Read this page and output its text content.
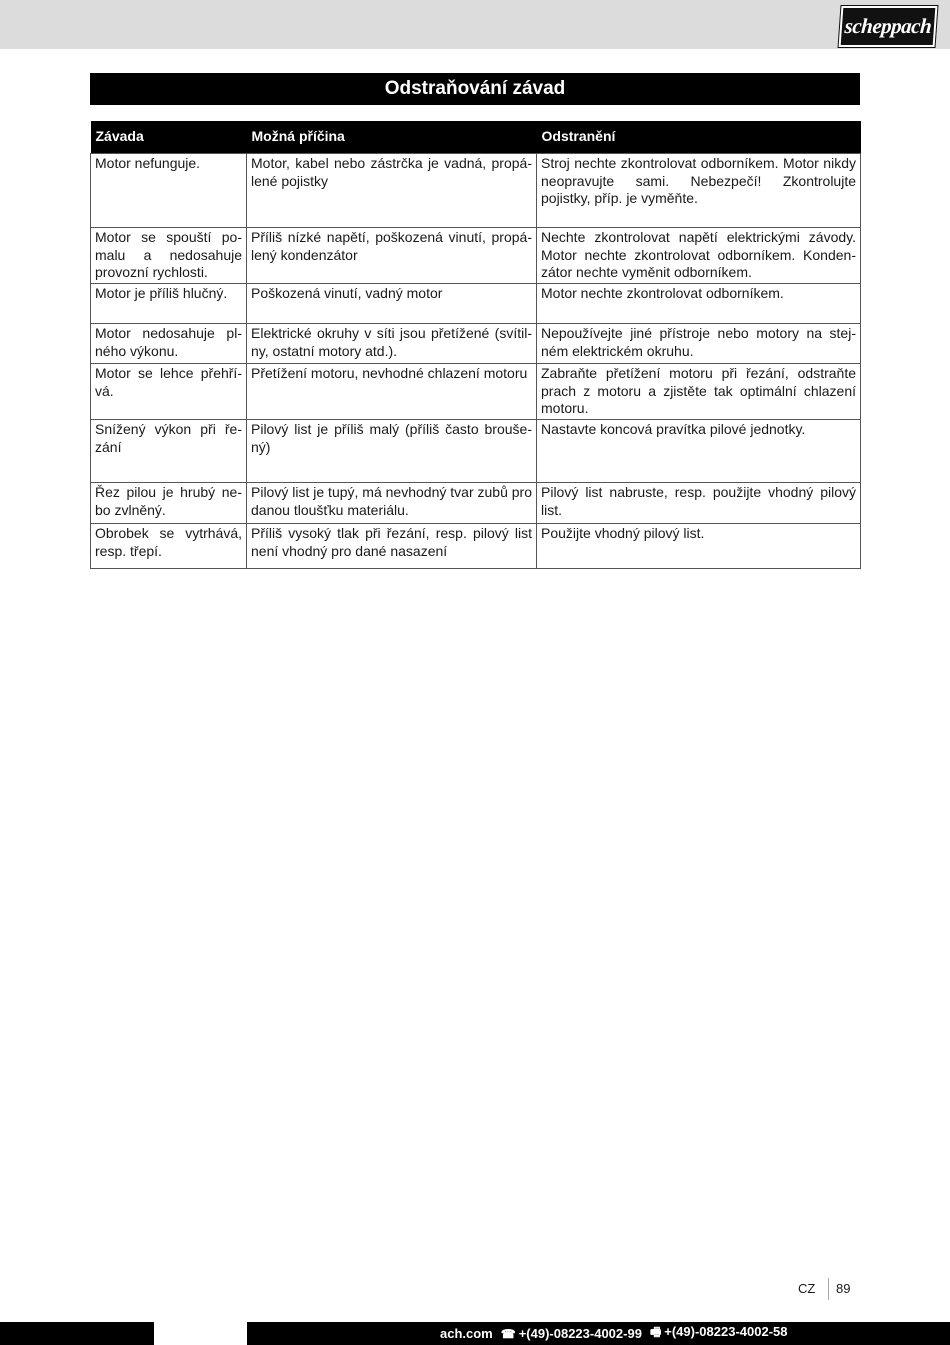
scheppach
Odstraňování závad
Závada	Možná příčina	Odstranění
Motor nefunguje.	Motor, kabel nebo zástrčka je vadná, propálené pojistky	Stroj nechte zkontrolovat odborníkem. Motor nikdy neopravujte sami. Nebezpečí! Zkontrolujte pojistky, příp. je vyměňte.
Motor se spouští pomalu a nedosahuje provozní rychlosti.	Příliš nízké napětí, poškozená vinutí, propálený kondenzátor	Nechte zkontrolovat napětí elektrickými závody. Motor nechte zkontrolovat odborníkem. Kondenzátor nechte vyměnit odborníkem.
Motor je příliš hlučný.	Poškozená vinutí, vadný motor	Motor nechte zkontrolovat odborníkem.
Motor nedosahuje plného výkonu.	Elektrické okruhy v síti jsou přetížené (svítilny, ostatní motory atd.).	Nepoužívejte jiné přístroje nebo motory na stejném elektrickém okruhu.
Motor se lehce přehřívá.	Přetížení motoru, nevhodné chlazení motoru	Zabraňte přetížení motoru při řezání, odstraňte prach z motoru a zjistěte tak optimální chlazení motoru.
Snížený výkon při řezání	Pilový list je příliš malý (příliš často broušený)	Nastavte koncová pravítka pilové jednotky.
Řez pilou je hrubý nebo zvlněný.	Pilový list je tupý, má nevhodný tvar zubů pro danou tloušťku materiálu.	Pilový list nabruste, resp. použijte vhodný pilový list.
Obrobek se vytrhává, resp. třepí.	Příliš vysoký tlak při řezání, resp. pilový list není vhodný pro dané nasazení	Použijte vhodný pilový list.
CZ 89
ach.com ☎ +(49)-08223-4002-99 🖷 +(49)-08223-4002-58
